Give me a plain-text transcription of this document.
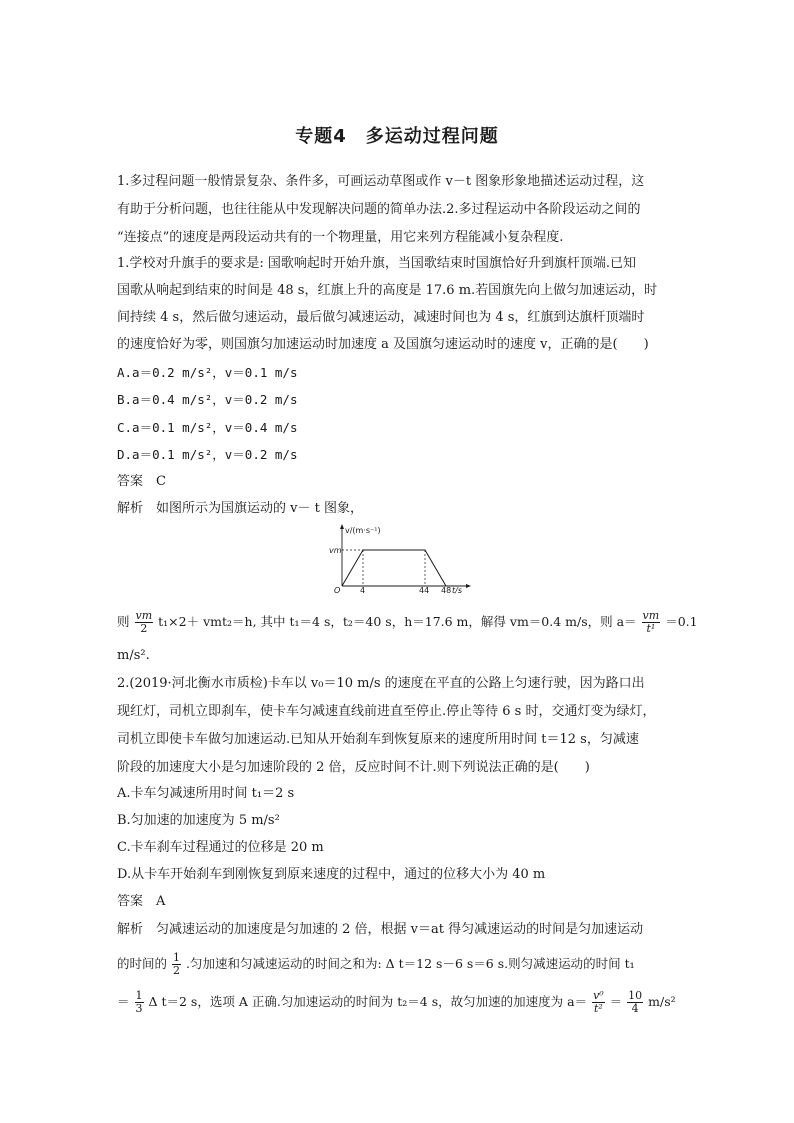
专题4　多运动过程问题
1.多过程问题一般情景复杂、条件多，可画运动草图或作 v－t 图象形象地描述运动过程，这
有助于分析问题，也往往能从中发现解决问题的简单办法.2.多过程运动中各阶段运动之间的
“连接点”的速度是两段运动共有的一个物理量，用它来列方程能减小复杂程度.
1.学校对升旗手的要求是: 国歌响起时开始升旗，当国歌结束时国旗恰好升到旗杆顶端.已知
国歌从响起到结束的时间是 48 s，红旗上升的高度是 17.6 m.若国旗先向上做匀加速运动，时
间持续 4 s，然后做匀速运动，最后做匀减速运动，减速时间也为 4 s，红旗到达旗杆顶端时
的速度恰好为零，则国旗匀加速运动时加速度 a 及国旗匀速运动时的速度 v，正确的是(　　)
A.a＝0.2 m/s²，v＝0.1 m/s
B.a＝0.4 m/s²，v＝0.2 m/s
C.a＝0.1 m/s²，v＝0.4 m/s
D.a＝0.1 m/s²，v＝0.2 m/s
答案　C
解析　如图所示为国旗运动的 v－ t 图象，
v/(m·s⁻¹)
vm
O 4	44 48 t/s
则 $\frac{vm}{2} t_1\times 2+ vmt_2=h$, 其中 t₁＝4 s，t₂＝40 s，h＝17.6 m，解得 vm＝0.4 m/s，则 $a= \frac{vm}{\text{t¹}} =0.1$
m/s².
2.(2019·河北衡水市质检)卡车以 v₀＝10 m/s 的速度在平直的公路上匀速行驶，因为路口出
现红灯，司机立即刹车，使卡车匀减速直线前进直至停止.停止等待 6 s 时，交通灯变为绿灯，
司机立即使卡车做匀加速运动.已知从开始刹车到恢复原来的速度所用时间 t＝12 s，匀减速
阶段的加速度大小是匀加速阶段的 2 倍，反应时间不计.则下列说法正确的是(　　)
A.卡车匀减速所用时间 t₁＝2 s
B.匀加速的加速度为 5 m/s²
C.卡车刹车过程通过的位移是 20 m
D.从卡车开始刹车到刚恢复到原来速度的过程中，通过的位移大小为 40 m
答案　A
解析　匀减速运动的加速度是匀加速的 2 倍，根据 v＝at 得匀减速运动的时间是匀加速运动
的时间的 $\frac{1}{2}$ .匀加速和匀减速运动的时间之和为: Δ t＝12 s－6 s＝6 s.则匀减速运动的时间 t₁
＝ $\frac{1}{3}$ Δ t＝2 s，选项 A 正确.匀加速运动的时间为 t₂＝4 s，故匀加速的加速度为 $a= \frac{\text{v⁰}}{\text{t²}} = \frac{10}{4} m/s^2$
